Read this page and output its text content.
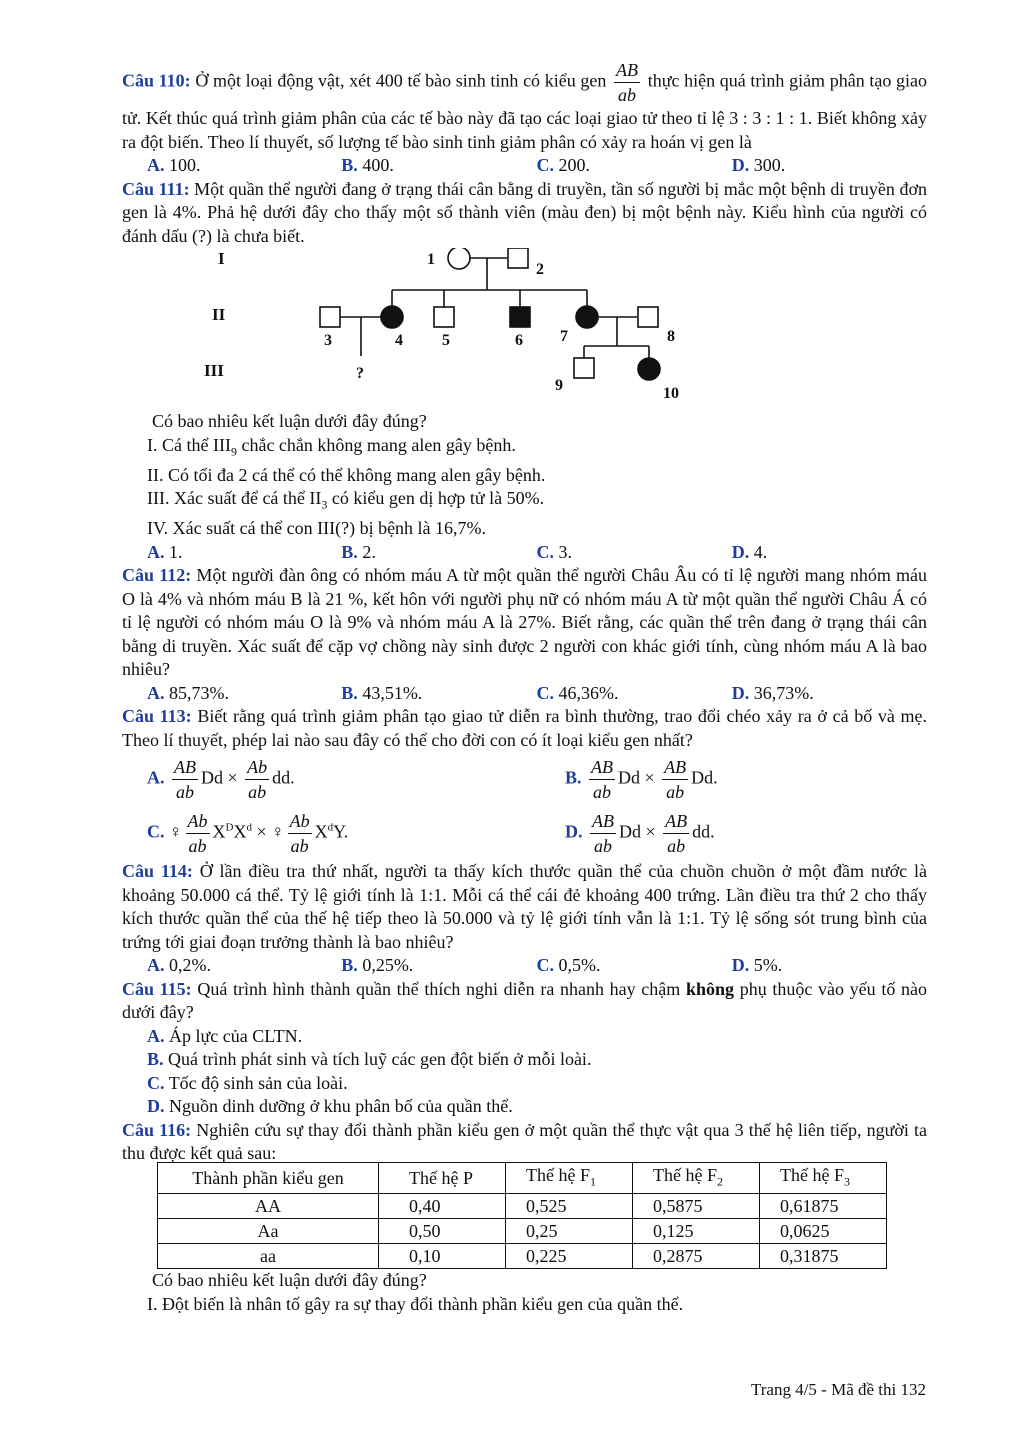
Câu 110: Ở một loại động vật, xét 400 tế bào sinh tinh có kiểu gen $\frac{AB}{ab}$ thực hiện quá trình giảm phân tạo giao tử. Kết thúc quá trình giảm phân của các tế bào này đã tạo các loại giao tử theo tỉ lệ 3 : 3 : 1 : 1. Biết không xảy ra đột biến. Theo lí thuyết, số lượng tế bào sinh tinh giảm phân có xảy ra hoán vị gen là
A. 100.	B. 400.	C. 200.	D. 300.
Câu 111: Một quần thể người đang ở trạng thái cân bằng di truyền, tần số người bị mắc một bệnh di truyền đơn gen là 4%. Phả hệ dưới đây cho thấy một số thành viên (màu đen) bị một bệnh này. Kiểu hình của người có đánh dấu (?) là chưa biết.
I
II
III
1
2
3	4 5	6 7	8
9	10
?
Có bao nhiêu kết luận dưới đây đúng?
I. Cá thể $III_9$ chắc chắn không mang alen gây bệnh.
II. Có tối đa 2 cá thể có thể không mang alen gây bệnh.
III. Xác suất để cá thể $II_3$ có kiểu gen dị hợp tử là 50%.
IV. Xác suất cá thể con III(?) bị bệnh là 16,7%.
A. 1.	B. 2.	C. 3.	D. 4.
Câu 112: Một người đàn ông có nhóm máu A từ một quần thể người Châu Âu có tỉ lệ người mang nhóm máu O là 4% và nhóm máu B là 21 %, kết hôn với người phụ nữ có nhóm máu A từ một quần thể người Châu Á có tỉ lệ người có nhóm máu O là 9% và nhóm máu A là 27%. Biết rằng, các quần thể trên đang ở trạng thái cân bằng di truyền. Xác suất để cặp vợ chồng này sinh được 2 người con khác giới tính, cùng nhóm máu A là bao nhiêu?
A. 85,73%.	B. 43,51%.	C. 46,36%.	D. 36,73%.
Câu 113: Biết rằng quá trình giảm phân tạo giao tử diễn ra bình thường, trao đổi chéo xảy ra ở cả bố và mẹ. Theo lí thuyết, phép lai nào sau đây có thể cho đời con có ít loại kiểu gen nhất?
A. $\frac{AB}{ab}$ $Dd \times \frac{Ab}{ab}$ dd.	B. $\frac{AB}{ab}$ $Dd \times \frac{AB}{ab} Dd$.
C. ♀ $\frac{Ab}{ab} X^DX^d$ × ♀ $\frac{Ab}{ab} X^dY$.	D. $\frac{AB}{ab}$ $Dd \times \frac{AB}{ab}$ dd.
Câu 114: Ở lần điều tra thứ nhất, người ta thấy kích thước quần thể của chuồn chuồn ở một đầm nước là khoảng 50.000 cá thể. Tỷ lệ giới tính là 1:1. Mỗi cá thể cái đẻ khoảng 400 trứng. Lần điều tra thứ 2 cho thấy kích thước quần thể của thế hệ tiếp theo là 50.000 và tỷ lệ giới tính vẫn là 1:1. Tỷ lệ sống sót trung bình của trứng tới giai đoạn trưởng thành là bao nhiêu?
A. 0,2%.	B. 0,25%.	C. 0,5%.	D. 5%.
Câu 115: Quá trình hình thành quần thể thích nghi diễn ra nhanh hay chậm không phụ thuộc vào yếu tố nào dưới đây?
A. Áp lực của CLTN.
B. Quá trình phát sinh và tích luỹ các gen đột biến ở mỗi loài.
C. Tốc độ sinh sản của loài.
D. Nguồn dinh dưỡng ở khu phân bố của quần thể.
Câu 116: Nghiên cứu sự thay đổi thành phần kiểu gen ở một quần thể thực vật qua 3 thế hệ liên tiếp, người ta thu được kết quả sau:
Thành phần kiểu gen	Thế hệ P	Thế hệ $F_1$	Thế hệ $F_2$	Thế hệ $F_3$
AA	0,40	0,525	0,5875	0,61875
Aa	0,50	0,25	0,125	0,0625
aa	0,10	0,225	0,2875	0,31875
Có bao nhiêu kết luận dưới đây đúng?
I. Đột biến là nhân tố gây ra sự thay đổi thành phần kiểu gen của quần thể.
Trang 4/5 - Mã đề thi 132
